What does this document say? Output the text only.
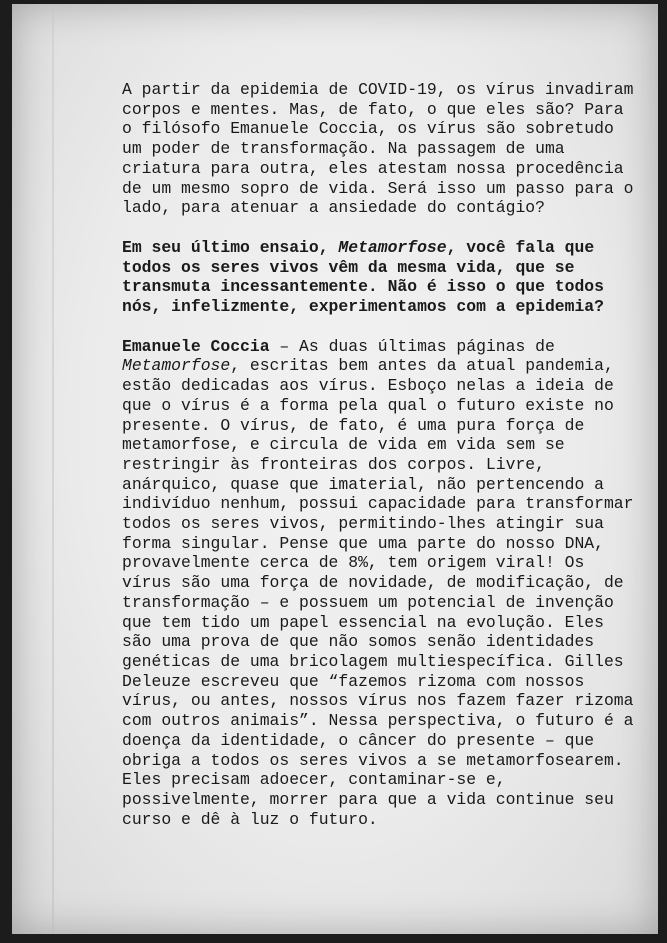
A partir da epidemia de COVID-19, os vírus invadiram corpos e mentes. Mas, de fato, o que eles são? Para o filósofo Emanuele Coccia, os vírus são sobretudo um poder de transformação. Na passagem de uma criatura para outra, eles atestam nossa procedência de um mesmo sopro de vida. Será isso um passo para o lado, para atenuar a ansiedade do contágio?

Em seu último ensaio, Metamorfose, você fala que todos os seres vivos vêm da mesma vida, que se transmuta incessantemente. Não é isso o que todos nós, infelizmente, experimentamos com a epidemia?

Emanuele Coccia – As duas últimas páginas de Metamorfose, escritas bem antes da atual pandemia, estão dedicadas aos vírus. Esboço nelas a ideia de que o vírus é a forma pela qual o futuro existe no presente. O vírus, de fato, é uma pura força de metamorfose, e circula de vida em vida sem se restringir às fronteiras dos corpos. Livre, anárquico, quase que imaterial, não pertencendo a indivíduo nenhum, possui capacidade para transformar todos os seres vivos, permitindo-lhes atingir sua forma singular. Pense que uma parte do nosso DNA, provavelmente cerca de 8%, tem origem viral! Os vírus são uma força de novidade, de modificação, de transformação – e possuem um potencial de invenção que tem tido um papel essencial na evolução. Eles são uma prova de que não somos senão identidades genéticas de uma bricolagem multiespecífica. Gilles Deleuze escreveu que “fazemos rizoma com nossos vírus, ou antes, nossos vírus nos fazem fazer rizoma com outros animais”. Nessa perspectiva, o futuro é a doença da identidade, o câncer do presente – que obriga a todos os seres vivos a se metamorfosearem. Eles precisam adoecer, contaminar-se e, possivelmente, morrer para que a vida continue seu curso e dê à luz o futuro.
